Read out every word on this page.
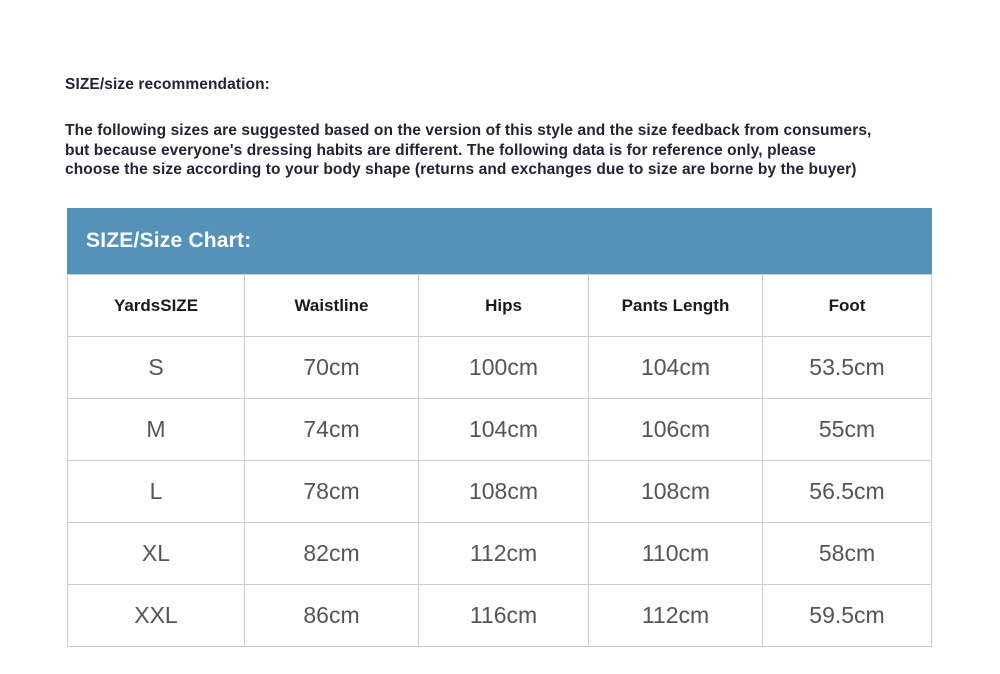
SIZE/size recommendation:
The following sizes are suggested based on the version of this style and the size feedback from consumers,
but because everyone's dressing habits are different. The following data is for reference only, please
choose the size according to your body shape (returns and exchanges due to size are borne by the buyer)
SIZE/Size Chart:
YardsSIZE	Waistline	Hips	Pants Length	Foot
S	70cm	100cm	104cm	53.5cm
M	74cm	104cm	106cm	55cm
L	78cm	108cm	108cm	56.5cm
XL	82cm	112cm	110cm	58cm
XXL	86cm	116cm	112cm	59.5cm
